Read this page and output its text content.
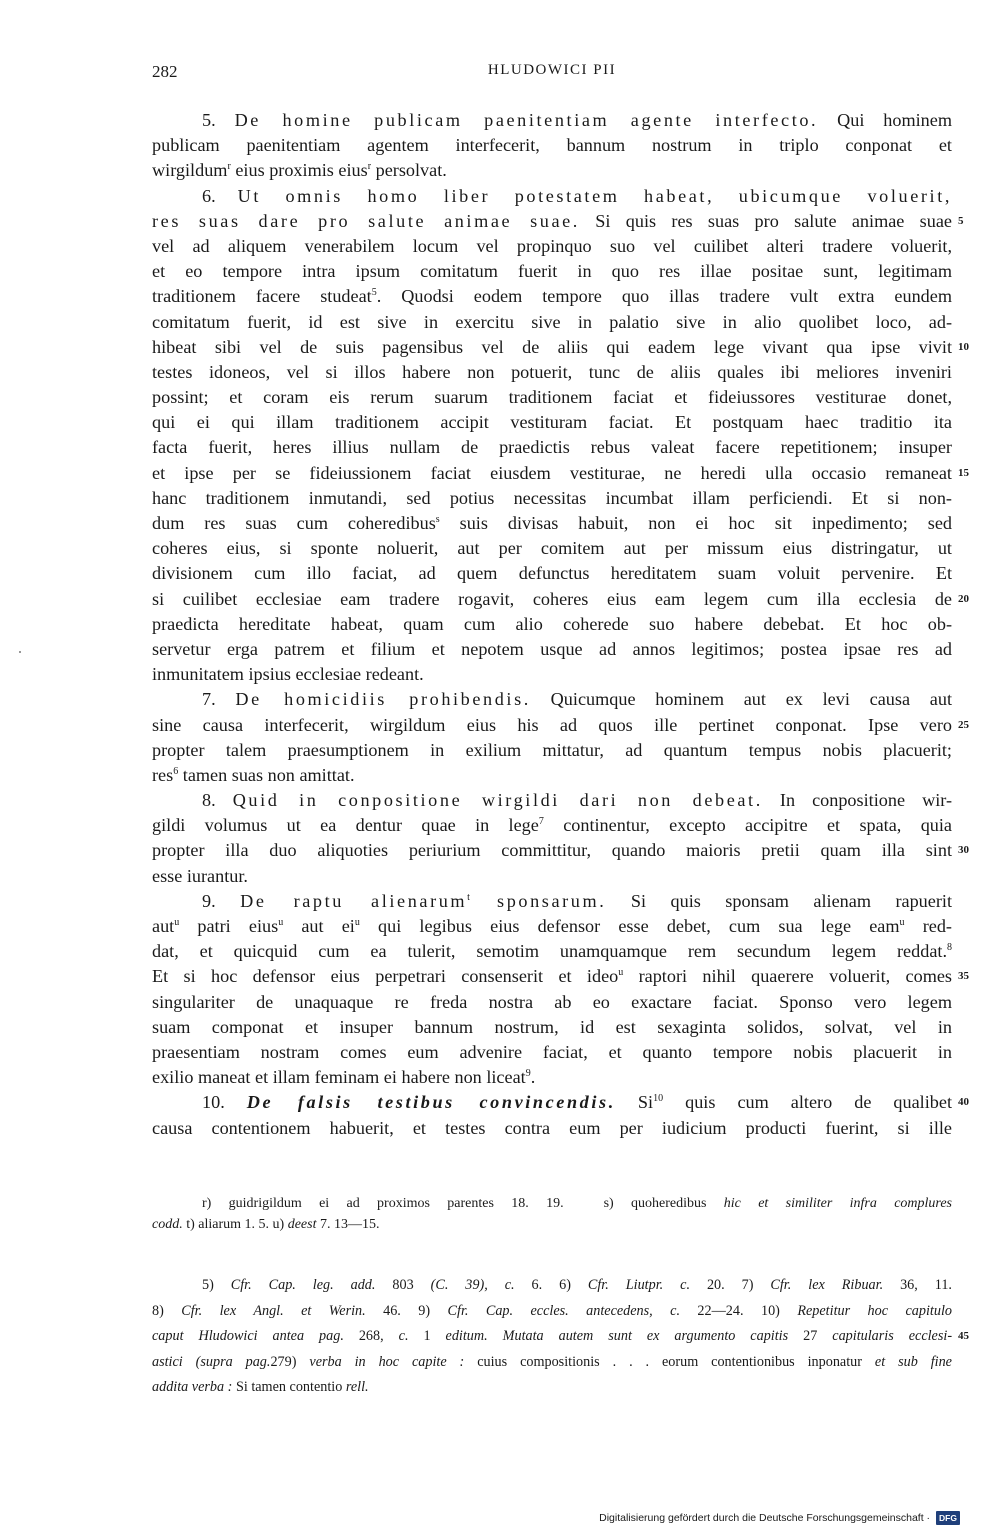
282	HLUDOWICI PII
5. De homine publicam paenitentiam agente interfecto. Qui hominem
publicam paenitentiam agentem interfecerit, bannum nostrum in triplo conponat et
wirgildum$^r$ eius proximis eius$^r$ persolvat.
6. Ut omnis homo liber potestatem habeat, ubicumque voluerit,
res suas dare pro salute animae suae. Si quis res suas pro salute animae suae 5
vel ad aliquem venerabilem locum vel propinquo suo vel cuilibet alteri tradere voluerit,
et eo tempore intra ipsum comitatum fuerit in quo res illae positae sunt, legitimam
traditionem facere studeat$^5$. Quodsi eodem tempore quo illas tradere vult extra eundem
comitatum fuerit, id est sive in exercitu sive in palatio sive in alio quolibet loco, ad-
hibeat sibi vel de suis pagensibus vel de aliis qui eadem lege vivant qua ipse vivit 10
testes idoneos, vel si illos habere non potuerit, tunc de aliis quales ibi meliores inveniri
possint; et coram eis rerum suarum traditionem faciat et fideiussores vestiturae donet,
qui ei qui illam traditionem accipit vestituram faciat. Et postquam haec traditio ita
facta fuerit, heres illius nullam de praedictis rebus valeat facere repetitionem; insuper
et ipse per se fideiussionem faciat eiusdem vestiturae, ne heredi ulla occasio remaneat 15
hanc traditionem inmutandi, sed potius necessitas incumbat illam perficiendi. Et si non-
dum res suas cum coheredibus$^s$ suis divisas habuit, non ei hoc sit inpedimento; sed
coheres eius, si sponte noluerit, aut per comitem aut per missum eius distringatur, ut
divisionem cum illo faciat, ad quem defunctus hereditatem suam voluit pervenire. Et
si cuilibet ecclesiae eam tradere rogavit, coheres eius eam legem cum illa ecclesia de 20
praedicta hereditate habeat, quam cum alio coherede suo habere debebat. Et hoc ob-
servetur erga patrem et filium et nepotem usque ad annos legitimos; postea ipsae res ad
inmunitatem ipsius ecclesiae redeant.
7. De homicidiis prohibendis. Quicumque hominem aut ex levi causa aut
sine causa interfecerit, wirgildum eius his ad quos ille pertinet conponat. Ipse vero 25
propter talem praesumptionem in exilium mittatur, ad quantum tempus nobis placuerit;
res$^6$ tamen suas non amittat.
8. Quid in conpositione wirgildi dari non debeat. In conpositione wir-
gildi volumus ut ea dentur quae in lege$^7$ continentur, excepto accipitre et spata, quia
propter illa duo aliquoties periurium committitur, quando maioris pretii quam illa sint 30
esse iurantur.
9. De raptu alienarum$^t$ sponsarum. Si quis sponsam alienam rapuerit
aut$^u$ patri eius$^u$ aut $ei^u$ qui legibus eius defensor esse debet, cum sua lege eam$^u$ red-
dat, et quicquid cum ea tulerit, semotim unamquamque rem secundum legem reddat.$^8$
Et si hoc defensor eius perpetrari consenserit et ideo$^u$ raptori nihil quaerere voluerit, comes 35
singulariter de unaquaque re freda nostra ab eo exactare faciat. Sponso vero legem
suam componat et insuper bannum nostrum, id est sexaginta solidos, solvat, vel in
praesentiam nostram comes eum advenire faciat, et quanto tempore nobis placuerit in
exilio maneat et illam feminam ei habere non liceat$^9$.
10. De falsis testibus convincendis. Si$^{10}$ quis cum altero de qualibet 40
causa contentionem habuerit, et testes contra eum per iudicium producti fuerint, si ille
r) guidrigildum ei ad proximos parentes 18. 19.	s) quoheredibus hic et similiter infra complures
codd. t) aliarum 1. 5. u) deest 7. 13—15.
5) Cfr. Cap. leg. add. 803 (C. 39), c. 6. 6) Cfr. Liutpr. c. 20. 7) Cfr. lex Ribuar. 36, 11.
8) Cfr. lex Angl. et Werin. 46. 9) Cfr. Cap. eccles. antecedens, c. 22—24. 10) Repetitur hoc capitulo
caput Hludowici antea pag. 268, c. 1 editum. Mutata autem sunt ex argumento capitis 27 capitularis ecclesi- 45
astici (supra pag.279) verba in hoc capite : cuius compositionis . . . eorum contentionibus inponatur et sub fine
addita verba : Si tamen contentio rell.
Digitalisierung gefördert durch die Deutsche Forschungsgemeinschaft ·	DFG
